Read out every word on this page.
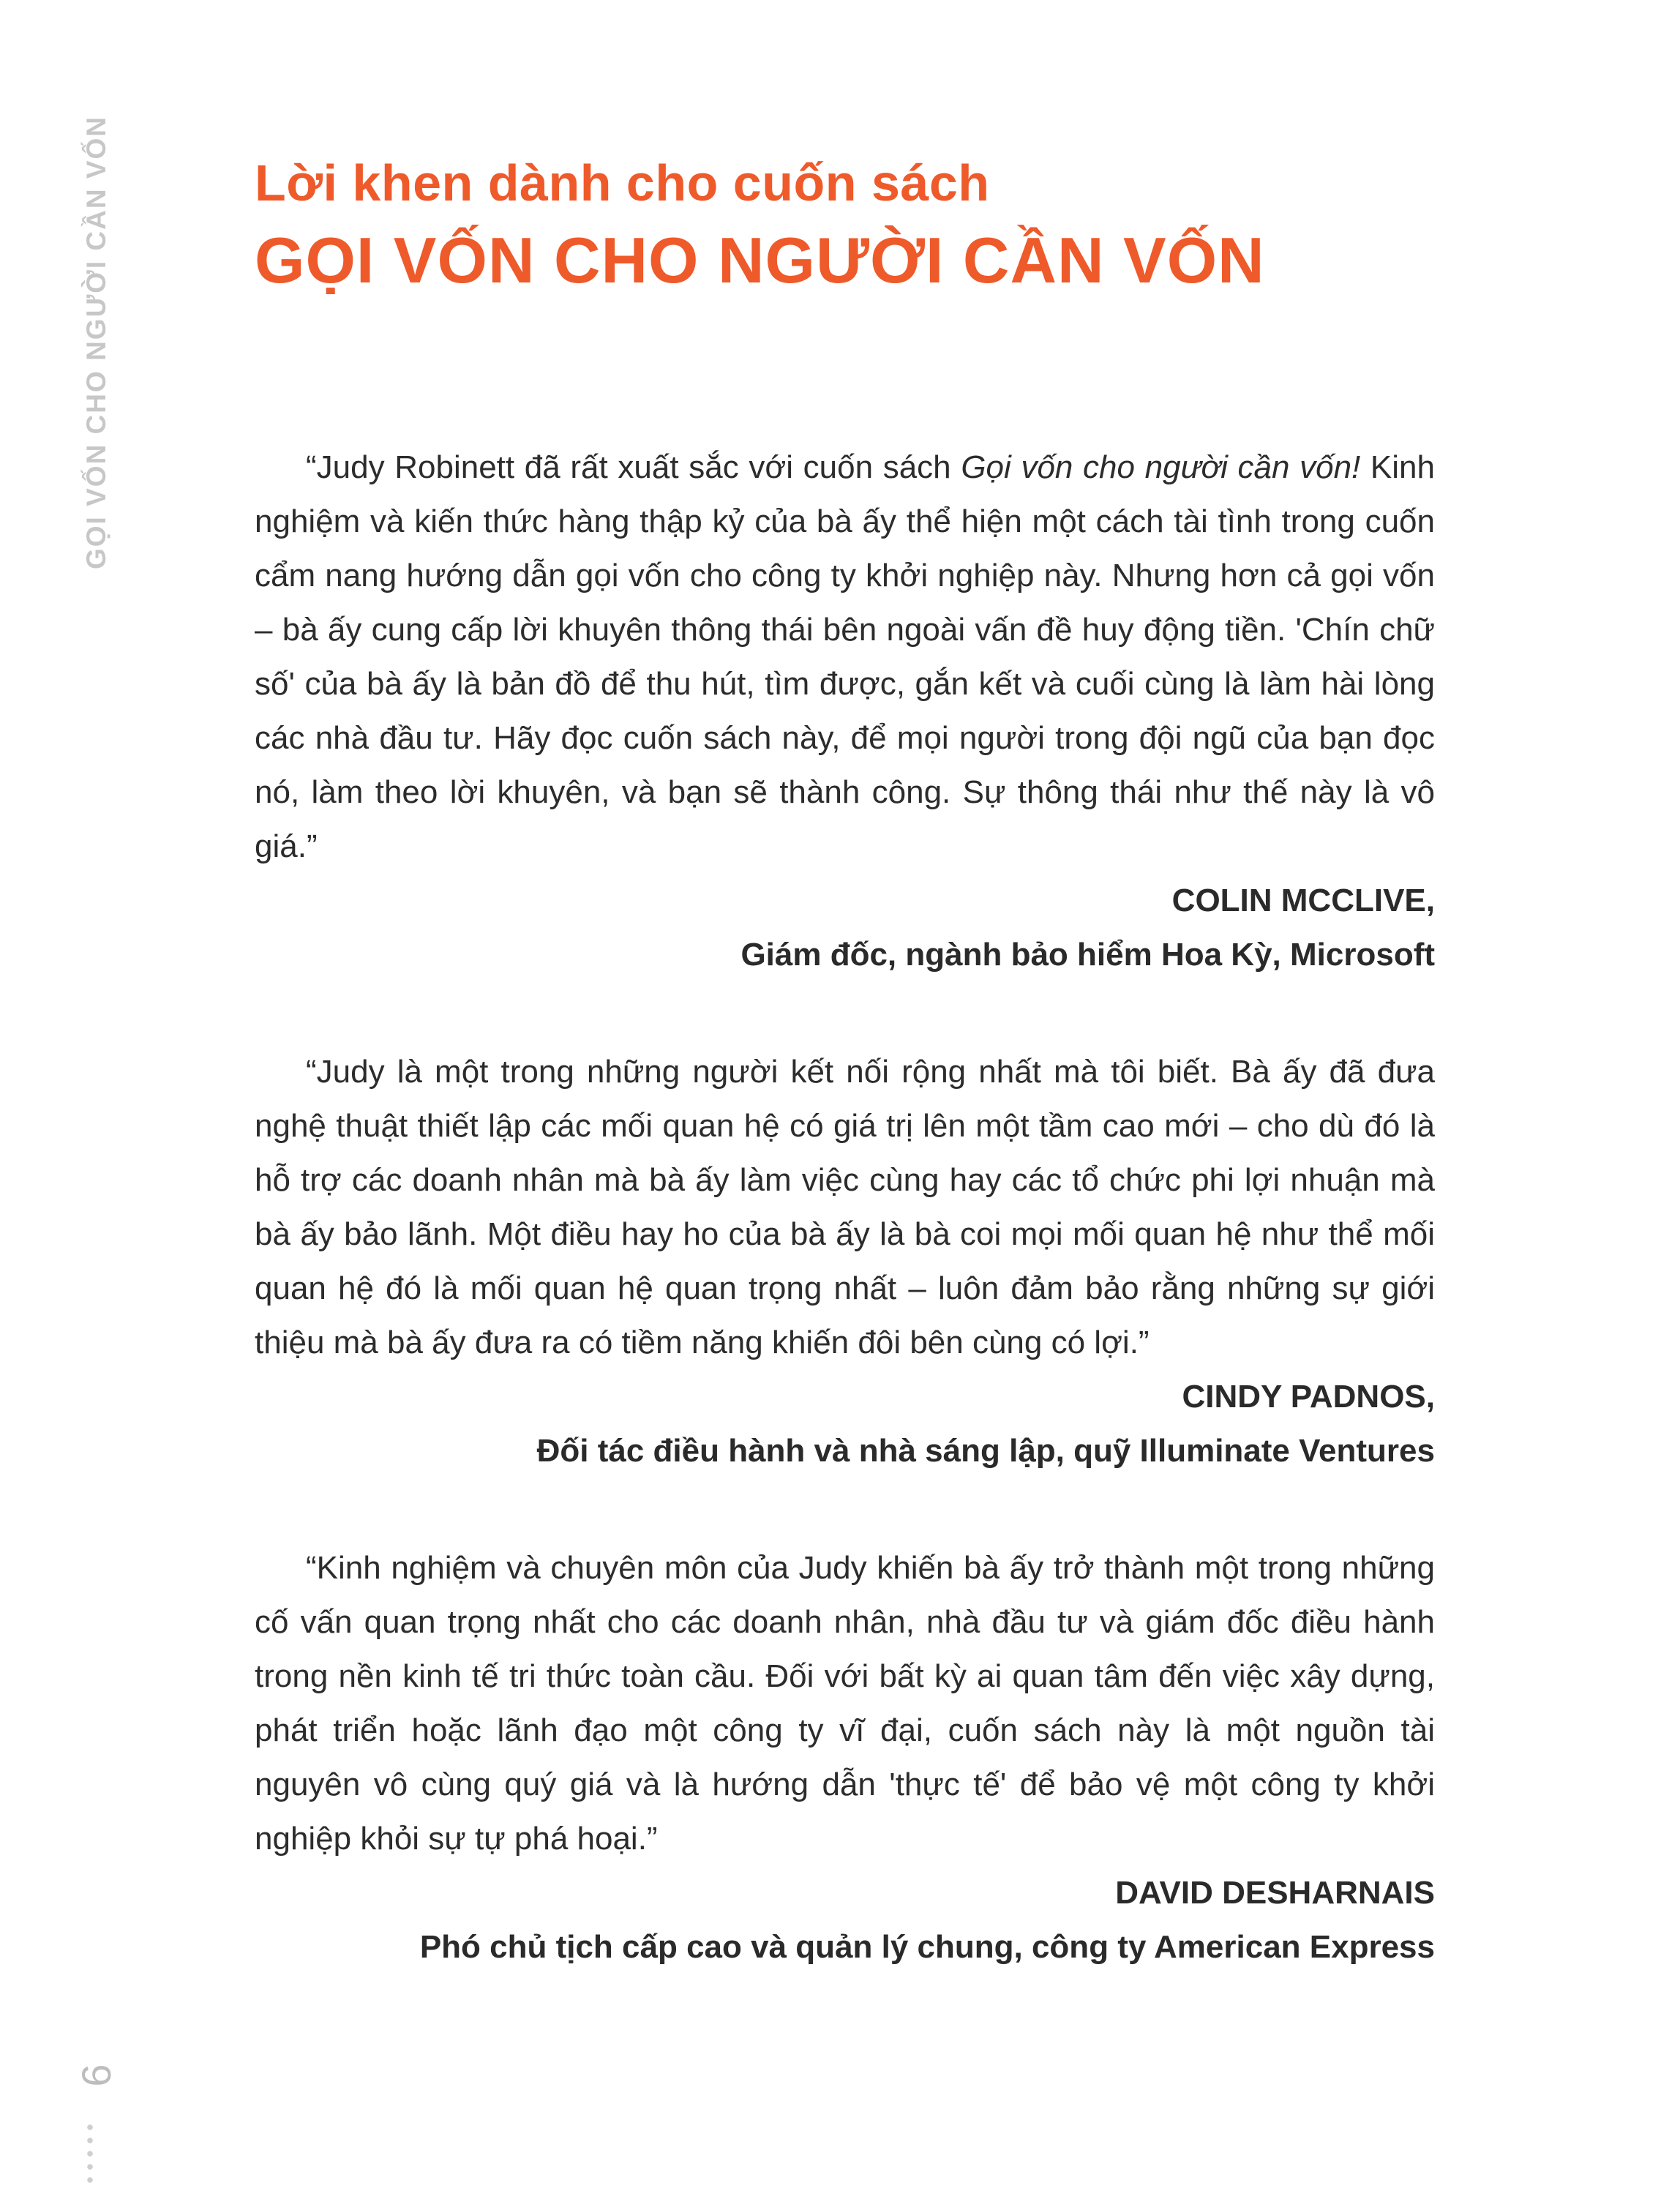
GỌI VỐN CHO NGƯỜI CẦN VỐN
6
Lời khen dành cho cuốn sách
GỌI VỐN CHO NGƯỜI CẦN VỐN

“Judy Robinett đã rất xuất sắc với cuốn sách Gọi vốn cho người cần vốn! Kinh nghiệm và kiến thức hàng thập kỷ của bà ấy thể hiện một cách tài tình trong cuốn cẩm nang hướng dẫn gọi vốn cho công ty khởi nghiệp này. Nhưng hơn cả gọi vốn – bà ấy cung cấp lời khuyên thông thái bên ngoài vấn đề huy động tiền. 'Chín chữ số' của bà ấy là bản đồ để thu hút, tìm được, gắn kết và cuối cùng là làm hài lòng các nhà đầu tư. Hãy đọc cuốn sách này, để mọi người trong đội ngũ của bạn đọc nó, làm theo lời khuyên, và bạn sẽ thành công. Sự thông thái như thế này là vô giá.”

COLIN MCCLIVE,

Giám đốc, ngành bảo hiểm Hoa Kỳ, Microsoft

“Judy là một trong những người kết nối rộng nhất mà tôi biết. Bà ấy đã đưa nghệ thuật thiết lập các mối quan hệ có giá trị lên một tầm cao mới – cho dù đó là hỗ trợ các doanh nhân mà bà ấy làm việc cùng hay các tổ chức phi lợi nhuận mà bà ấy bảo lãnh. Một điều hay ho của bà ấy là bà coi mọi mối quan hệ như thể mối quan hệ đó là mối quan hệ quan trọng nhất – luôn đảm bảo rằng những sự giới thiệu mà bà ấy đưa ra có tiềm năng khiến đôi bên cùng có lợi.”

CINDY PADNOS,

Đối tác điều hành và nhà sáng lập, quỹ Illuminate Ventures

“Kinh nghiệm và chuyên môn của Judy khiến bà ấy trở thành một trong những cố vấn quan trọng nhất cho các doanh nhân, nhà đầu tư và giám đốc điều hành trong nền kinh tế tri thức toàn cầu. Đối với bất kỳ ai quan tâm đến việc xây dựng, phát triển hoặc lãnh đạo một công ty vĩ đại, cuốn sách này là một nguồn tài nguyên vô cùng quý giá và là hướng dẫn 'thực tế' để bảo vệ một công ty khởi nghiệp khỏi sự tự phá hoại.”

DAVID DESHARNAIS

Phó chủ tịch cấp cao và quản lý chung, công ty American Express
